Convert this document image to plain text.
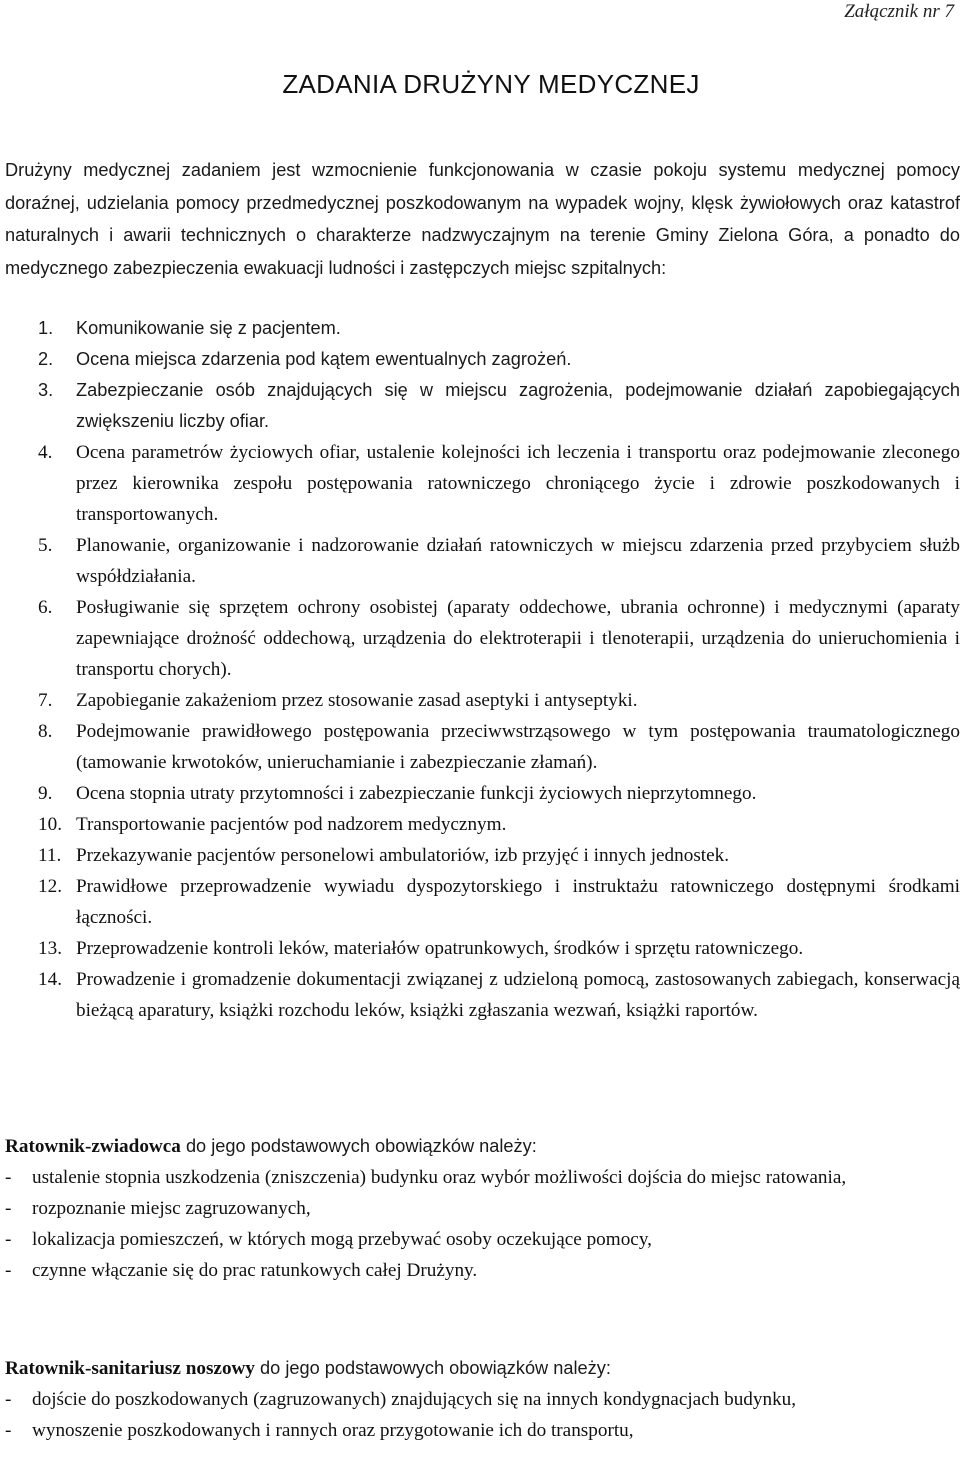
Załącznik nr 7
ZADANIA DRUŻYNY MEDYCZNEJ
Drużyny medycznej zadaniem jest wzmocnienie funkcjonowania w czasie pokoju systemu medycznej pomocy doraźnej, udzielania pomocy przedmedycznej poszkodowanym na wypadek wojny, klęsk żywiołowych oraz katastrof naturalnych i awarii technicznych o charakterze nadzwyczajnym na terenie Gminy Zielona Góra, a ponadto do medycznego zabezpieczenia ewakuacji ludności i zastępczych miejsc szpitalnych:
1. Komunikowanie się z pacjentem.
2. Ocena miejsca zdarzenia pod kątem ewentualnych zagrożeń.
3. Zabezpieczanie osób znajdujących się w miejscu zagrożenia, podejmowanie działań zapobiegających zwiększeniu liczby ofiar.
4. Ocena parametrów życiowych ofiar, ustalenie kolejności ich leczenia i transportu oraz podejmowanie zleconego przez kierownika zespołu postępowania ratowniczego chroniącego życie i zdrowie poszkodowanych i transportowanych.
5. Planowanie, organizowanie i nadzorowanie działań ratowniczych w miejscu zdarzenia przed przybyciem służb współdziałania.
6. Posługiwanie się sprzętem ochrony osobistej (aparaty oddechowe, ubrania ochronne) i medycznymi (aparaty zapewniające drożność oddechową, urządzenia do elektroterapii i tlenoterapii, urządzenia do unieruchomienia i transportu chorych).
7. Zapobieganie zakażeniom przez stosowanie zasad aseptyki i antyseptyki.
8. Podejmowanie prawidłowego postępowania przeciwwstrząsowego w tym postępowania traumatologicznego (tamowanie krwotoków, unieruchamianie i zabezpieczanie złamań).
9. Ocena stopnia utraty przytomności i zabezpieczanie funkcji życiowych nieprzytomnego.
10. Transportowanie pacjentów pod nadzorem medycznym.
11. Przekazywanie pacjentów personelowi ambulatoriów, izb przyjęć i innych jednostek.
12. Prawidłowe przeprowadzenie wywiadu dyspozytorskiego i instruktażu ratowniczego dostępnymi środkami łączności.
13. Przeprowadzenie kontroli leków, materiałów opatrunkowych, środków i sprzętu ratowniczego.
14. Prowadzenie i gromadzenie dokumentacji związanej z udzieloną pomocą, zastosowanych zabiegach, konserwacją bieżącą aparatury, książki rozchodu leków, książki zgłaszania wezwań, książki raportów.
Ratownik-zwiadowca do jego podstawowych obowiązków należy:
- ustalenie stopnia uszkodzenia (zniszczenia) budynku oraz wybór możliwości dojścia do miejsc ratowania,
- rozpoznanie miejsc zagruzowanych,
- lokalizacja pomieszczeń, w których mogą przebywać osoby oczekujące pomocy,
- czynne włączanie się do prac ratunkowych całej Drużyny.
Ratownik-sanitariusz noszowy do jego podstawowych obowiązków należy:
- dojście do poszkodowanych (zagruzowanych) znajdujących się na innych kondygnacjach budynku,
- wynoszenie poszkodowanych i rannych oraz przygotowanie ich do transportu,
